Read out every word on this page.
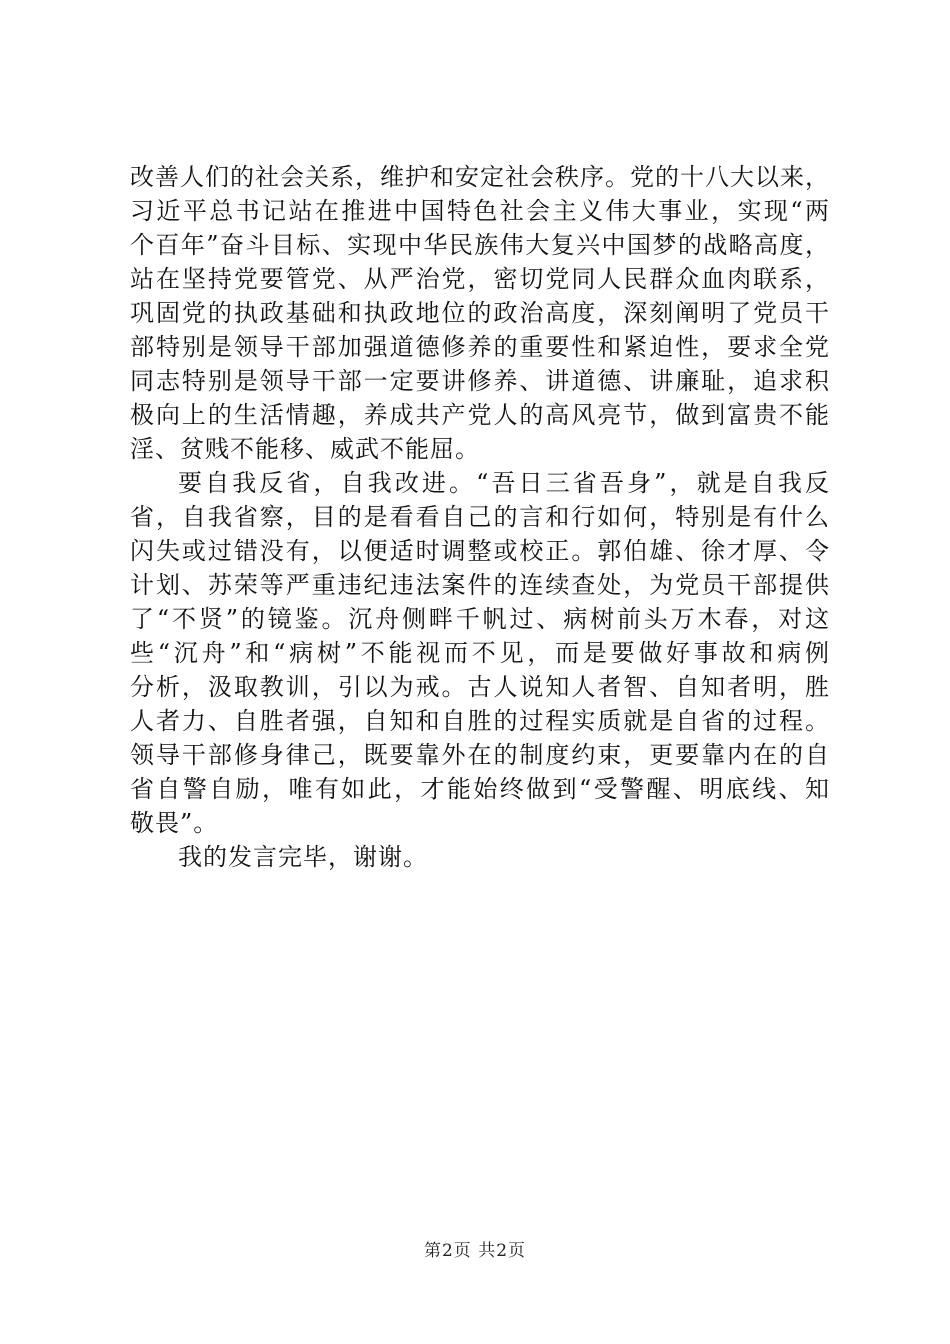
改善人们的社会关系，维护和安定社会秩序。党的十八大以来，
习近平总书记站在推进中国特色社会主义伟大事业，实现“两
个百年”奋斗目标、实现中华民族伟大复兴中国梦的战略高度，
站在坚持党要管党、从严治党，密切党同人民群众血肉联系，
巩固党的执政基础和执政地位的政治高度，深刻阐明了党员干
部特别是领导干部加强道德修养的重要性和紧迫性，要求全党
同志特别是领导干部一定要讲修养、讲道德、讲廉耻，追求积
极向上的生活情趣，养成共产党人的高风亮节，做到富贵不能
淫、贫贱不能移、威武不能屈。
要自我反省，自我改进。“吾日三省吾身”，就是自我反
省，自我省察，目的是看看自己的言和行如何，特别是有什么
闪失或过错没有，以便适时调整或校正。郭伯雄、徐才厚、令
计划、苏荣等严重违纪违法案件的连续查处，为党员干部提供
了“不贤”的镜鉴。沉舟侧畔千帆过、病树前头万木春，对这
些“沉舟”和“病树”不能视而不见，而是要做好事故和病例
分析，汲取教训，引以为戒。古人说知人者智、自知者明，胜
人者力、自胜者强，自知和自胜的过程实质就是自省的过程。
领导干部修身律己，既要靠外在的制度约束，更要靠内在的自
省自警自励，唯有如此，才能始终做到“受警醒、明底线、知
敬畏”。
我的发言完毕，谢谢。
第2页 共2页
